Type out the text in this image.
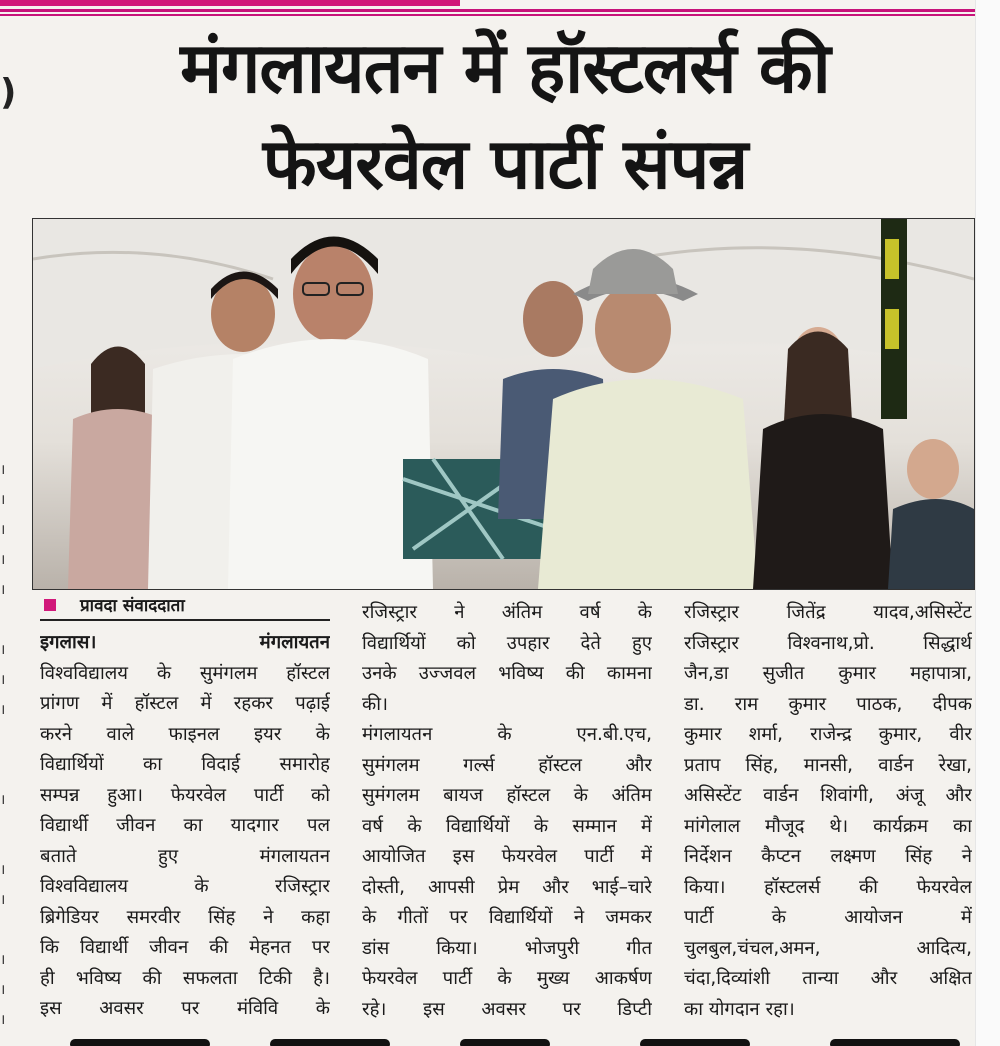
)
।
।
।
।
।
।
।
।
।
।
।
।
।
।
मंगलायतन में हॉस्टलर्स की
फेयरवेल पार्टी संपन्न
प्रावदा संवाददाता
इगलास। मंगलायतन
विश्वविद्यालय के सुमंगलम हॉस्टल
प्रांगण में हॉस्टल में रहकर पढ़ाई
करने वाले फाइनल इयर के
विद्यार्थियों का विदाई समारोह
सम्पन्न हुआ। फेयरवेल पार्टी को
विद्यार्थी जीवन का यादगार पल
बताते हुए मंगलायतन
विश्वविद्यालय के रजिस्ट्रार
ब्रिगेडियर समरवीर सिंह ने कहा
कि विद्यार्थी जीवन की मेहनत पर
ही भविष्य की सफलता टिकी है।
इस अवसर पर मंविवि के
रजिस्ट्रार ने अंतिम वर्ष के
विद्यार्थियों को उपहार देते हुए
उनके उज्जवल भविष्य की कामना
की।
मंगलायतन के एन.बी.एच,
सुमंगलम गर्ल्स हॉस्टल और
सुमंगलम बायज हॉस्टल के अंतिम
वर्ष के विद्यार्थियों के सम्मान में
आयोजित इस फेयरवेल पार्टी में
दोस्ती, आपसी प्रेम और भाई–चारे
के गीतों पर विद्यार्थियों ने जमकर
डांस किया। भोजपुरी गीत
फेयरवेल पार्टी के मुख्य आकर्षण
रहे। इस अवसर पर डिप्टी
रजिस्ट्रार जितेंद्र यादव,असिस्टेंट
रजिस्ट्रार विश्वनाथ,प्रो. सिद्धार्थ
जैन,डा सुजीत कुमार महापात्रा,
डा. राम कुमार पाठक, दीपक
कुमार शर्मा, राजेन्द्र कुमार, वीर
प्रताप सिंह, मानसी, वार्डन रेखा,
असिस्टेंट वार्डन शिवांगी, अंजू और
मांगेलाल मौजूद थे। कार्यक्रम का
निर्देशन कैप्टन लक्ष्मण सिंह ने
किया। हॉस्टलर्स की फेयरवेल
पार्टी के आयोजन में
चुलबुल,चंचल,अमन, आदित्य,
चंदा,दिव्यांशी तान्या और अक्षित
का योगदान रहा।
